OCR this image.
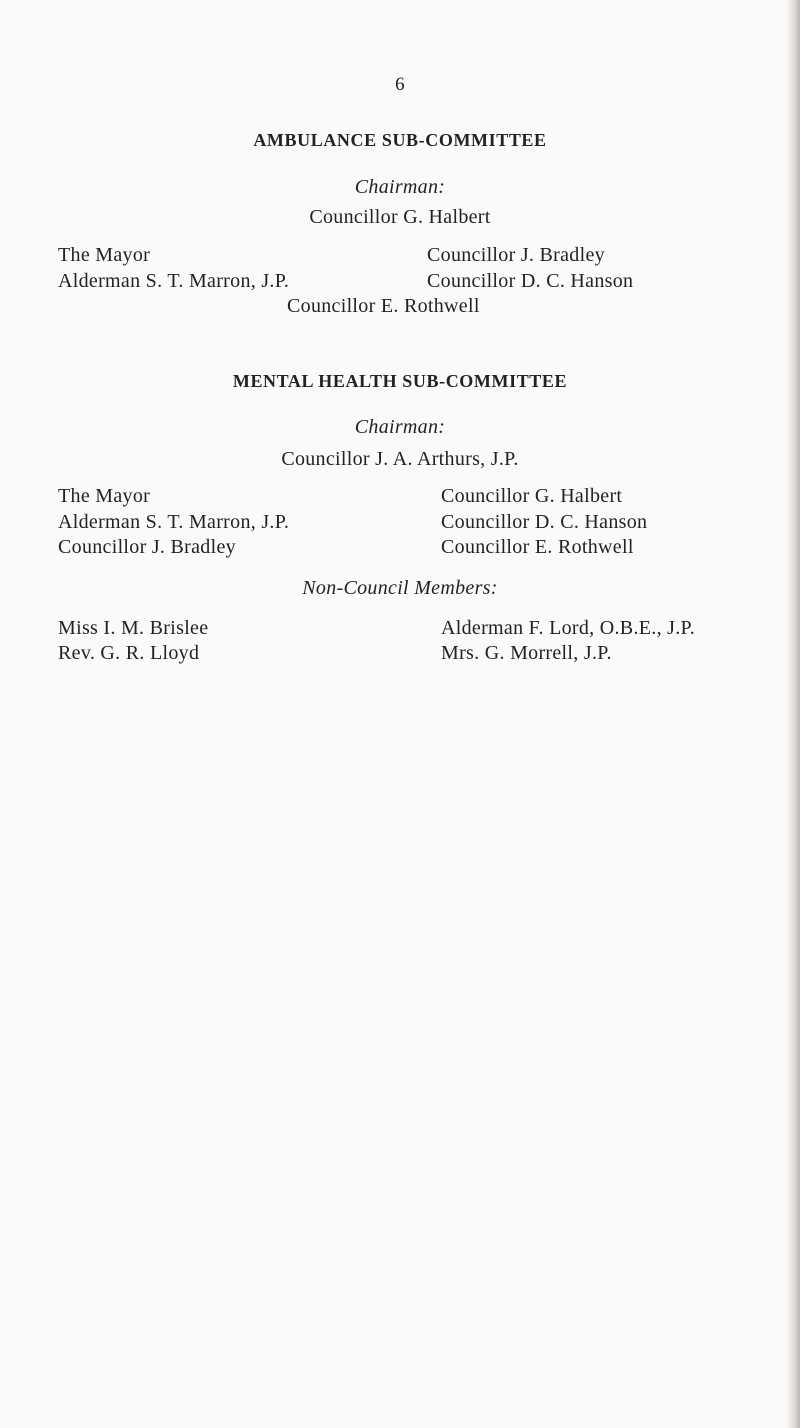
6
AMBULANCE SUB-COMMITTEE
Chairman:
Councillor G. Halbert
The Mayor
Alderman S. T. Marron, J.P.
Councillor J. Bradley
Councillor D. C. Hanson
Councillor E. Rothwell
MENTAL HEALTH SUB-COMMITTEE
Chairman:
Councillor J. A. Arthurs, J.P.
The Mayor
Alderman S. T. Marron, J.P.
Councillor J. Bradley
Councillor G. Halbert
Councillor D. C. Hanson
Councillor E. Rothwell
Non-Council Members:
Miss I. M. Brislee
Rev. G. R. Lloyd
Alderman F. Lord, O.B.E., J.P.
Mrs. G. Morrell, J.P.
